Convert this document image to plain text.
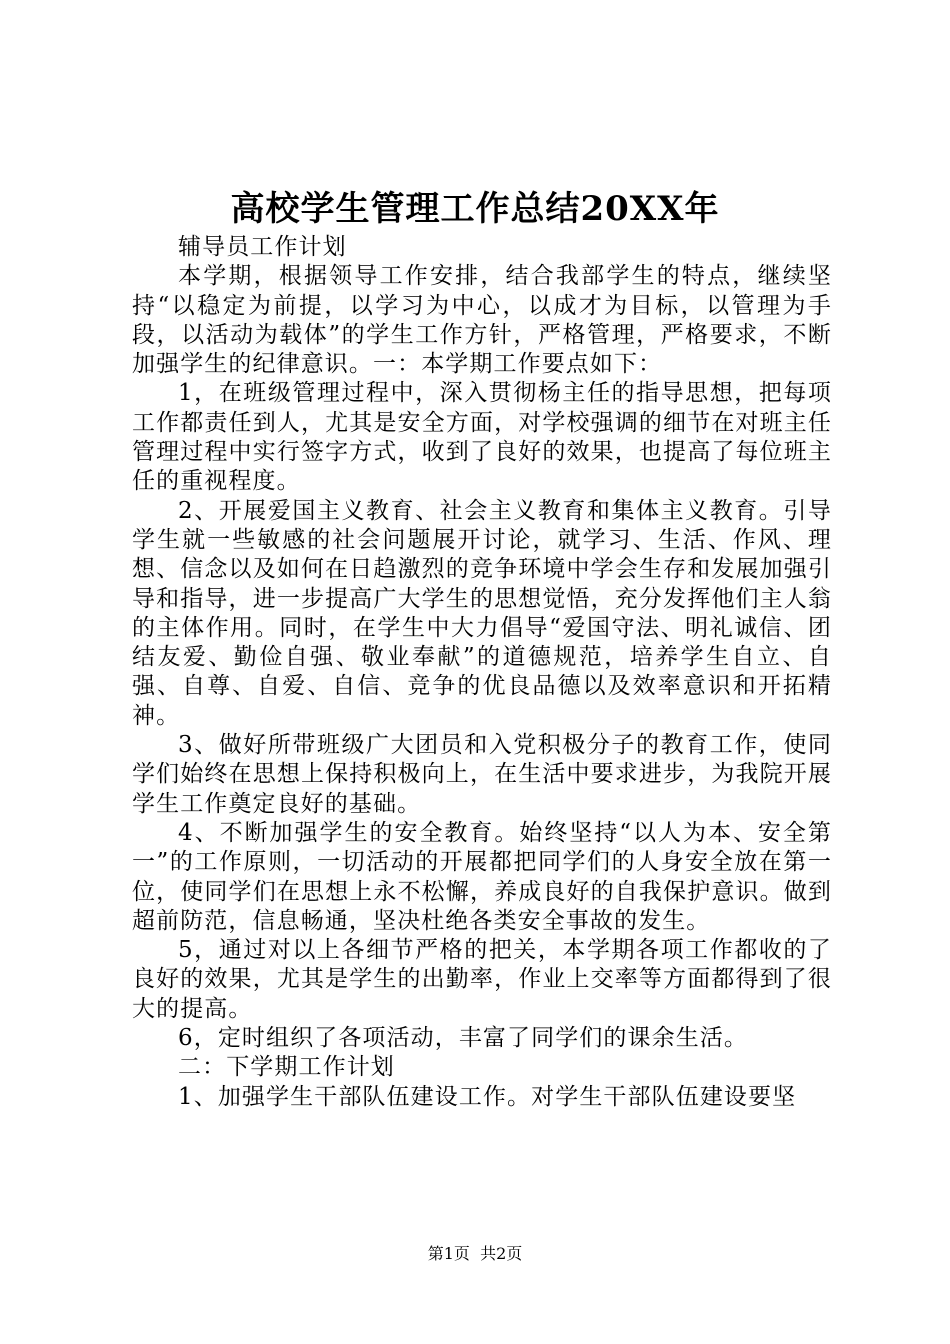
高校学生管理工作总结20XX年

辅导员工作计划

本学期，根据领导工作安排，结合我部学生的特点，继续坚持“以稳定为前提，以学习为中心，以成才为目标，以管理为手段，以活动为载体”的学生工作方针，严格管理，严格要求，不断加强学生的纪律意识。一：本学期工作要点如下：

1，在班级管理过程中，深入贯彻杨主任的指导思想，把每项工作都责任到人，尤其是安全方面，对学校强调的细节在对班主任管理过程中实行签字方式，收到了良好的效果，也提高了每位班主任的重视程度。

2、开展爱国主义教育、社会主义教育和集体主义教育。引导学生就一些敏感的社会问题展开讨论，就学习、生活、作风、理想、信念以及如何在日趋激烈的竞争环境中学会生存和发展加强引导和指导，进一步提高广大学生的思想觉悟，充分发挥他们主人翁的主体作用。同时，在学生中大力倡导“爱国守法、明礼诚信、团结友爱、勤俭自强、敬业奉献”的道德规范，培养学生自立、自强、自尊、自爱、自信、竞争的优良品德以及效率意识和开拓精神。

3、做好所带班级广大团员和入党积极分子的教育工作，使同学们始终在思想上保持积极向上，在生活中要求进步，为我院开展学生工作奠定良好的基础。

4、不断加强学生的安全教育。始终坚持“以人为本、安全第一”的工作原则，一切活动的开展都把同学们的人身安全放在第一位，使同学们在思想上永不松懈，养成良好的自我保护意识。做到超前防范，信息畅通，坚决杜绝各类安全事故的发生。

5，通过对以上各细节严格的把关，本学期各项工作都收的了良好的效果，尤其是学生的出勤率，作业上交率等方面都得到了很大的提高。

6，定时组织了各项活动，丰富了同学们的课余生活。

二：下学期工作计划

1、加强学生干部队伍建设工作。对学生干部队伍建设要坚

第1页  共2页
